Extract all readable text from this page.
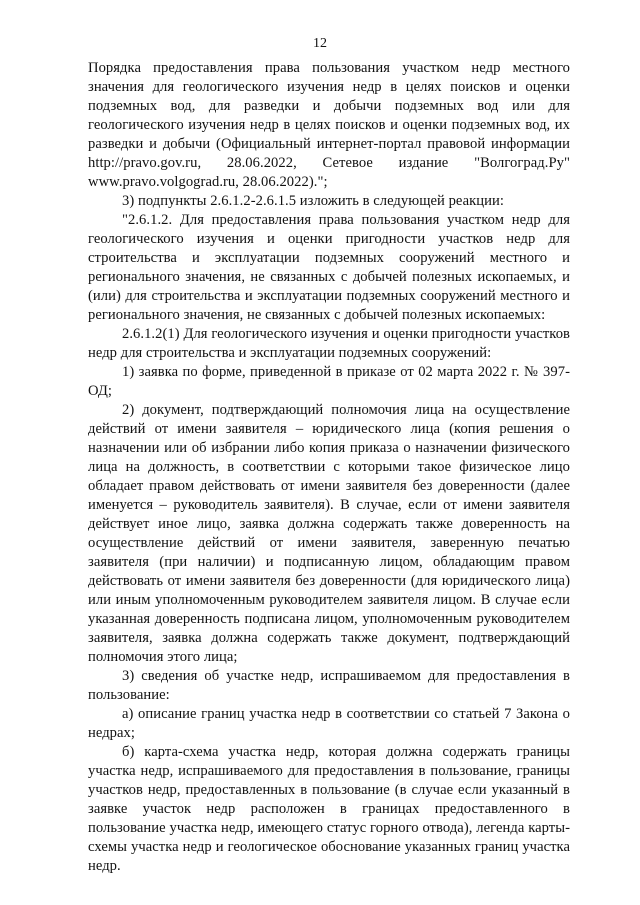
12

Порядка предоставления права пользования участком недр местного значения для геологического изучения недр в целях поисков и оценки подземных вод, для разведки и добычи подземных вод или для геологического изучения недр в целях поисков и оценки подземных вод, их разведки и добычи (Официальный интернет-портал правовой информации http://pravo.gov.ru, 28.06.2022, Сетевое издание "Волгоград.Ру" www.pravo.volgograd.ru, 28.06.2022).";

3) подпункты 2.6.1.2-2.6.1.5 изложить в следующей реакции:

"2.6.1.2. Для предоставления права пользования участком недр для геологического изучения и оценки пригодности участков недр для строительства и эксплуатации подземных сооружений местного и регионального значения, не связанных с добычей полезных ископаемых, и (или) для строительства и эксплуатации подземных сооружений местного и регионального значения, не связанных с добычей полезных ископаемых:

2.6.1.2(1) Для геологического изучения и оценки пригодности участков недр для строительства и эксплуатации подземных сооружений:

1) заявка по форме, приведенной в приказе от 02 марта 2022 г. № 397-ОД;

2) документ, подтверждающий полномочия лица на осуществление действий от имени заявителя – юридического лица (копия решения о назначении или об избрании либо копия приказа о назначении физического лица на должность, в соответствии с которыми такое физическое лицо обладает правом действовать от имени заявителя без доверенности (далее именуется – руководитель заявителя). В случае, если от имени заявителя действует иное лицо, заявка должна содержать также доверенность на осуществление действий от имени заявителя, заверенную печатью заявителя (при наличии) и подписанную лицом, обладающим правом действовать от имени заявителя без доверенности (для юридического лица) или иным уполномоченным руководителем заявителя лицом. В случае если указанная доверенность подписана лицом, уполномоченным руководителем заявителя, заявка должна содержать также документ, подтверждающий полномочия этого лица;

3) сведения об участке недр, испрашиваемом для предоставления в пользование:

а) описание границ участка недр в соответствии со статьей 7 Закона о недрах;

б) карта-схема участка недр, которая должна содержать границы участка недр, испрашиваемого для предоставления в пользование, границы участков недр, предоставленных в пользование (в случае если указанный в заявке участок недр расположен в границах предоставленного в пользование участка недр, имеющего статус горного отвода), легенда карты-схемы участка недр и геологическое обоснование указанных границ участка недр.
